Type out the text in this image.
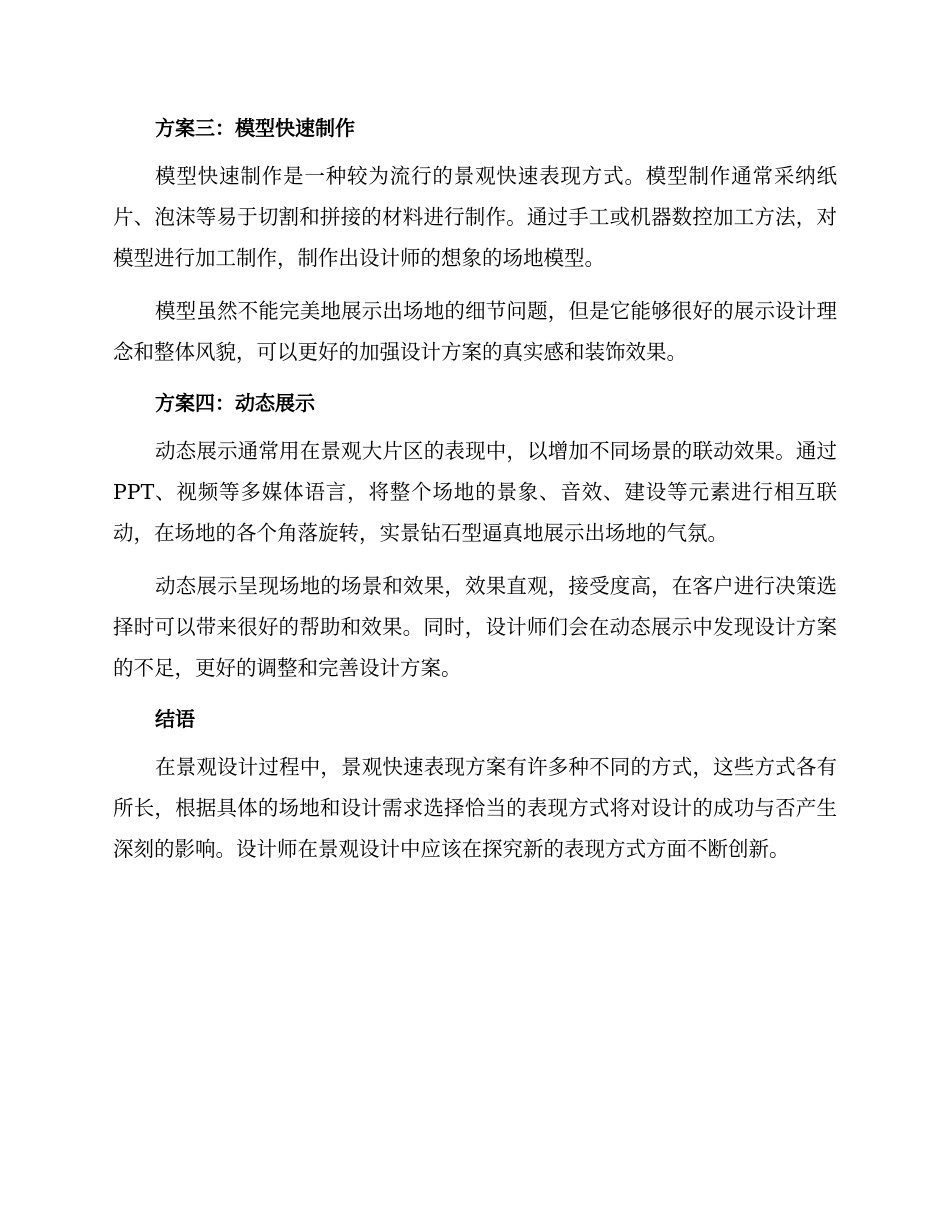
方案三：模型快速制作

模型快速制作是一种较为流行的景观快速表现方式。模型制作通常采纳纸片、泡沫等易于切割和拼接的材料进行制作。通过手工或机器数控加工方法，对模型进行加工制作，制作出设计师的想象的场地模型。

模型虽然不能完美地展示出场地的细节问题，但是它能够很好的展示设计理念和整体风貌，可以更好的加强设计方案的真实感和装饰效果。

方案四：动态展示

动态展示通常用在景观大片区的表现中，以增加不同场景的联动效果。通过PPT、视频等多媒体语言，将整个场地的景象、音效、建设等元素进行相互联动，在场地的各个角落旋转，实景钻石型逼真地展示出场地的气氛。

动态展示呈现场地的场景和效果，效果直观，接受度高，在客户进行决策选择时可以带来很好的帮助和效果。同时，设计师们会在动态展示中发现设计方案的不足，更好的调整和完善设计方案。

结语

在景观设计过程中，景观快速表现方案有许多种不同的方式，这些方式各有所长，根据具体的场地和设计需求选择恰当的表现方式将对设计的成功与否产生深刻的影响。设计师在景观设计中应该在探究新的表现方式方面不断创新。
